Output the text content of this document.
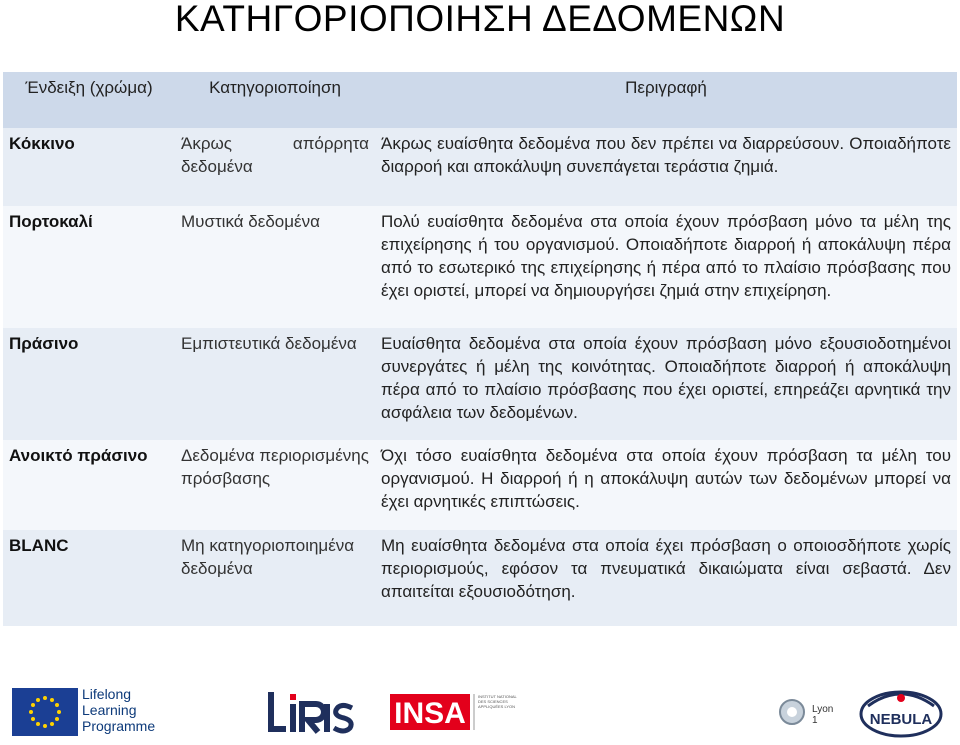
ΚΑΤΗΓΟΡΙΟΠΟΙΗΣΗ ΔΕΔΟΜΕΝΩΝ
Ένδειξη (χρώμα)	Κατηγοριοποίηση	Περιγραφή
Κόκκινο	Άκρως απόρρητα δεδομένα	Άκρως ευαίσθητα δεδομένα που δεν πρέπει να διαρρεύσουν. Οποιαδήποτε διαρροή και αποκάλυψη συνεπάγεται τεράστια ζημιά.
Πορτοκαλί	Μυστικά δεδομένα	Πολύ ευαίσθητα δεδομένα στα οποία έχουν πρόσβαση μόνο τα μέλη της επιχείρησης ή του οργανισμού. Οποιαδήποτε διαρροή ή αποκάλυψη πέρα από το εσωτερικό της επιχείρησης ή πέρα από το πλαίσιο πρόσβασης που έχει οριστεί, μπορεί να δημιουργήσει ζημιά στην επιχείρηση.
Πράσινο	Εμπιστευτικά δεδομένα	Ευαίσθητα δεδομένα στα οποία έχουν πρόσβαση μόνο εξουσιοδοτημένοι συνεργάτες ή μέλη της κοινότητας. Οποιαδήποτε διαρροή ή αποκάλυψη πέρα από το πλαίσιο πρόσβασης που έχει οριστεί, επηρεάζει αρνητικά την ασφάλεια των δεδομένων.
Ανοικτό πράσινο	Δεδομένα περιορισμένης πρόσβασης	Όχι τόσο ευαίσθητα δεδομένα στα οποία έχουν πρόσβαση τα μέλη του οργανισμού. Η διαρροή ή η αποκάλυψη αυτών των δεδομένων μπορεί να έχει αρνητικές επιπτώσεις.
BLANC	Μη κατηγοριοποιημένα δεδομένα	Μη ευαίσθητα δεδομένα στα οποία έχει πρόσβαση ο οποιοσδήποτε χωρίς περιορισμούς, εφόσον τα πνευματικά δικαιώματα είναι σεβαστά. Δεν απαιτείται εξουσιοδότηση.
Lifelong Learning Programme	INSA
INSTITUT NATIONAL DES SCIENCES APPLIQUÉES LYON	Lyon 1	NEBULA
